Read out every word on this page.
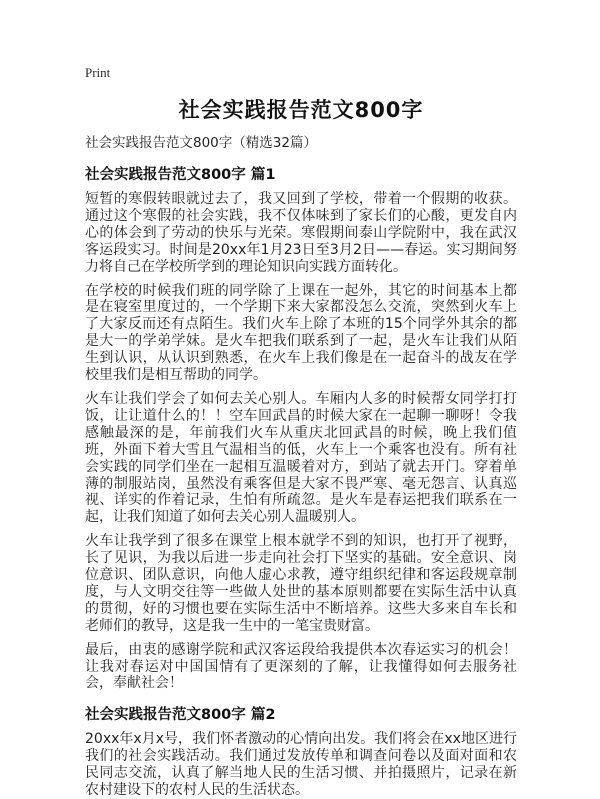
Print
社会实践报告范文800字
社会实践报告范文800字（精选32篇）
社会实践报告范文800字 篇1

短暂的寒假转眼就过去了，我又回到了学校，带着一个假期的收获。通过这个寒假的社会实践，我不仅体味到了家长们的心酸，更发自内心的体会到了劳动的快乐与光荣。寒假期间泰山学院附中，我在武汉客运段实习。时间是20xx年1月23日至3月2日——春运。实习期间努力将自己在学校所学到的理论知识向实践方面转化。

在学校的时候我们班的同学除了上课在一起外，其它的时间基本上都是在寝室里度过的，一个学期下来大家都没怎么交流，突然到火车上了大家反而还有点陌生。我们火车上除了本班的15个同学外其余的都是大一的学弟学妹。是火车把我们联系到了一起，是火车让我们从陌生到认识，从认识到熟悉，在火车上我们像是在一起奋斗的战友在学校里我们是相互帮助的同学。

火车让我们学会了如何去关心别人。车厢内人多的时候帮女同学打打饭，让让道什么的！！空车回武昌的时候大家在一起聊一聊呀！令我感触最深的是，年前我们火车从重庆北回武昌的时候，晚上我们值班，外面下着大雪且气温相当的低，火车上一个乘客也没有。所有社会实践的同学们坐在一起相互温暖着对方，到站了就去开门。穿着单薄的制服站岗，虽然没有乘客但是大家不畏严寒、毫无怨言、认真巡视、详实的作着记录，生怕有所疏忽。是火车是春运把我们联系在一起，让我们知道了如何去关心别人温暖别人。

火车让我学到了很多在课堂上根本就学不到的知识，也打开了视野，长了见识，为我以后进一步走向社会打下坚实的基础。安全意识、岗位意识、团队意识，向他人虚心求教，遵守组织纪律和客运段规章制度，与人文明交往等一些做人处世的基本原则都要在实际生活中认真的贯彻，好的习惯也要在实际生活中不断培养。这些大多来自车长和老师们的教导，这是我一生中的一笔宝贵财富。

最后，由衷的感谢学院和武汉客运段给我提供本次春运实习的机会！让我对春运对中国国情有了更深刻的了解，让我懂得如何去服务社会，奉献社会！

社会实践报告范文800字 篇2

20xx年x月x号，我们怀者激动的心情向出发。我们将会在xx地区进行我们的社会实践活动。我们通过发放传单和调查问卷以及面对面和农民同志交流，认真了解当地人民的生活习惯、并拍摄照片，记录在新农村建设下的农村人民的生活状态。
